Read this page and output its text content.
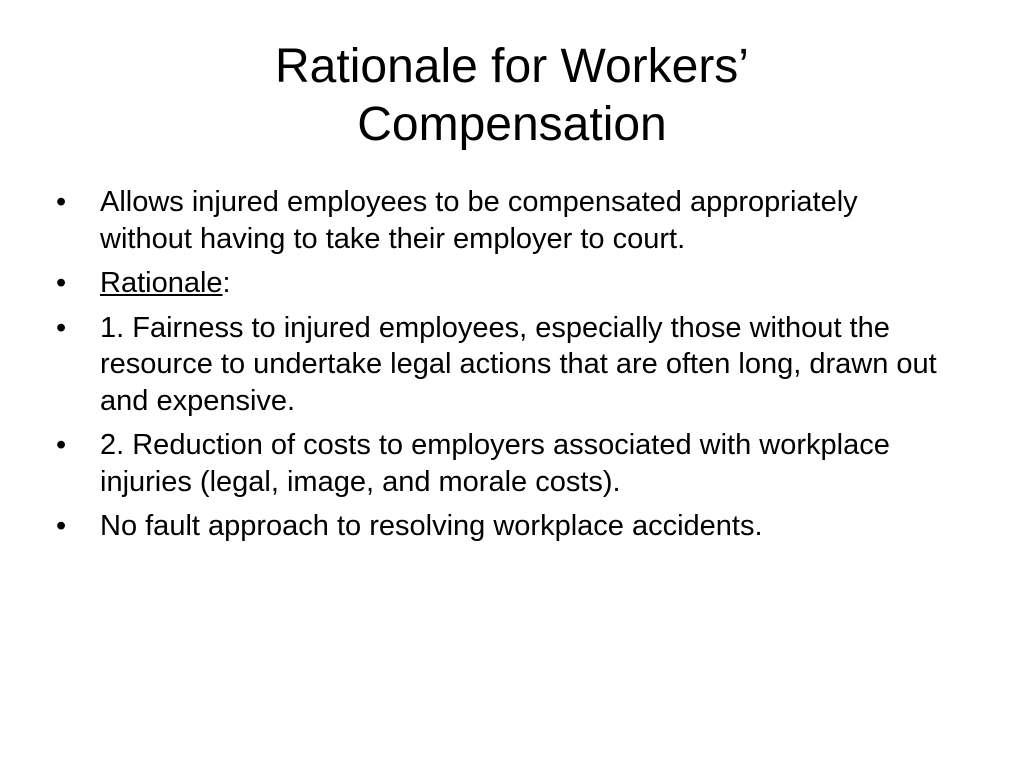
Rationale for Workers’
Compensation
• Allows injured employees to be compensated appropriately without having to take their employer to court.
• Rationale:
• 1. Fairness to injured employees, especially those without the resource to undertake legal actions that are often long, drawn out and expensive.
• 2. Reduction of costs to employers associated with workplace injuries (legal, image, and morale costs).
• No fault approach to resolving workplace accidents.
